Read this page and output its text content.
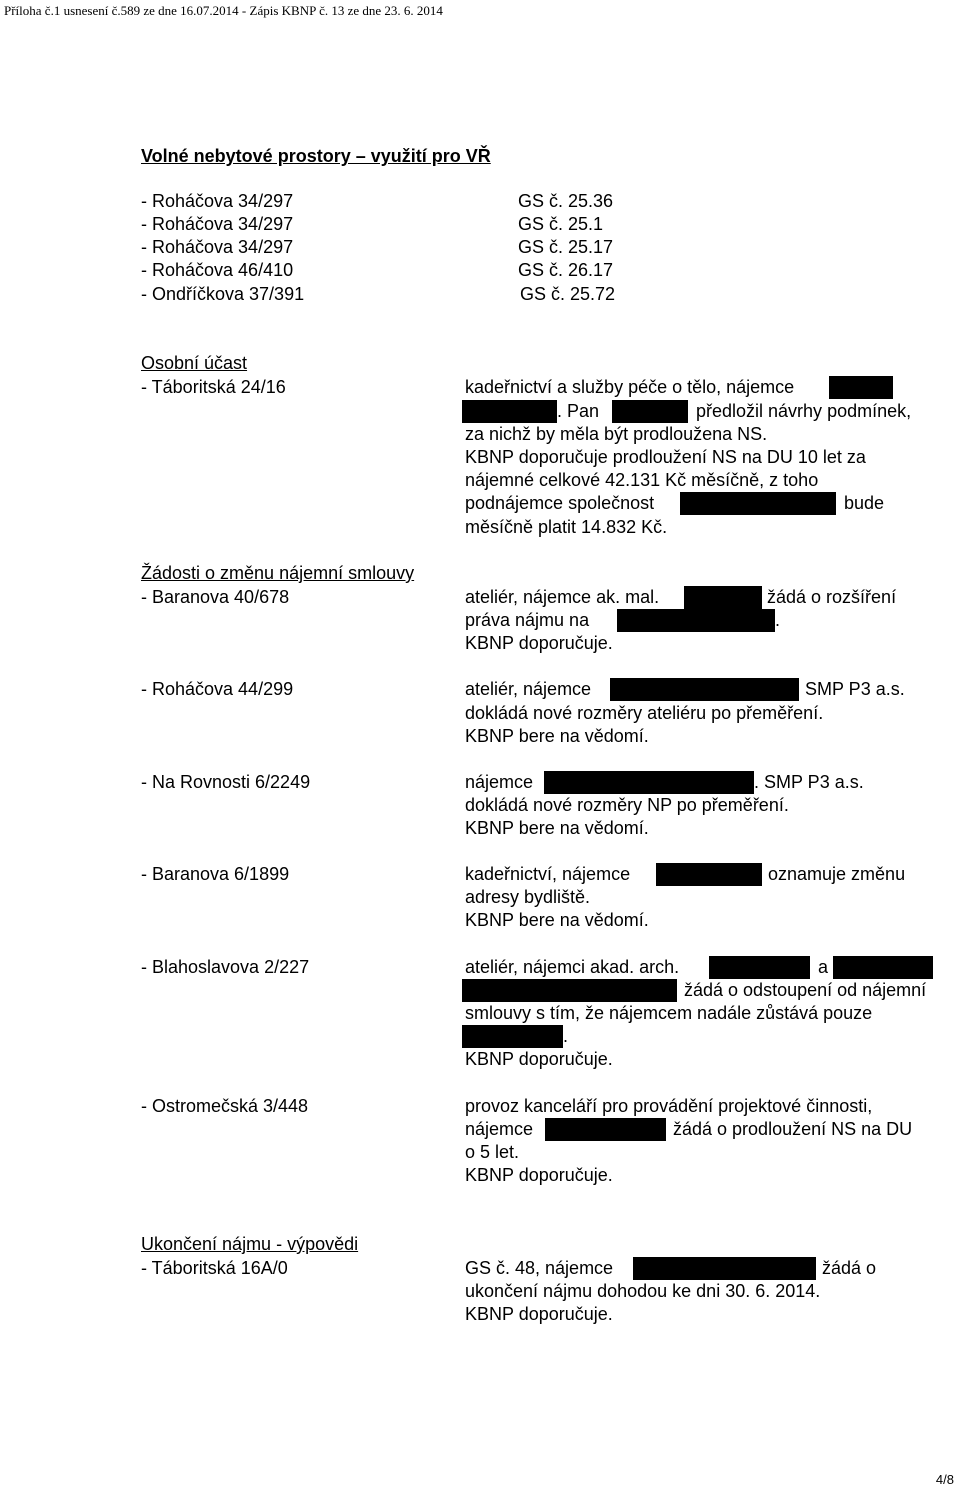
Příloha č.1 usnesení č.589 ze dne 16.07.2014 - Zápis KBNP č. 13 ze dne 23. 6. 2014
Volné nebytové prostory – využití pro VŘ
- Roháčova 34/297	GS č. 25.36
- Roháčova 34/297	GS č. 25.1
- Roháčova 34/297	GS č. 25.17
- Roháčova 46/410	GS č. 26.17
- Ondříčkova 37/391	GS č. 25.72
Osobní účast
- Táboritská 24/16	kadeřnictví a služby péče o tělo, nájemce
. Pan	předložil návrhy podmínek,
za nichž by měla být prodloužena NS.
KBNP doporučuje prodloužení NS na DU 10 let za
nájemné celkové 42.131 Kč měsíčně, z toho
podnájemce společnost	bude
měsíčně platit 14.832 Kč.
Žádosti o změnu nájemní smlouvy
- Baranova 40/678	ateliér, nájemce ak. mal.	žádá o rozšíření
práva nájmu na	.
KBNP doporučuje.
- Roháčova 44/299	ateliér, nájemce	SMP P3 a.s.
dokládá nové rozměry ateliéru po přeměření.
KBNP bere na vědomí.
- Na Rovnosti 6/2249	nájemce	. SMP P3 a.s.
dokládá nové rozměry NP po přeměření.
KBNP bere na vědomí.
- Baranova 6/1899	kadeřnictví, nájemce	oznamuje změnu
adresy bydliště.
KBNP bere na vědomí.
- Blahoslavova 2/227	ateliér, nájemci akad. arch.	a
žádá o odstoupení od nájemní
smlouvy s tím, že nájemcem nadále zůstává pouze
.
KBNP doporučuje.
- Ostromečská 3/448	provoz kanceláří pro provádění projektové činnosti,
nájemce	žádá o prodloužení NS na DU
o 5 let.
KBNP doporučuje.
Ukončení nájmu - výpovědi
- Táboritská 16A/0	GS č. 48, nájemce	žádá o
ukončení nájmu dohodou ke dni 30. 6. 2014.
KBNP doporučuje.
4/8
